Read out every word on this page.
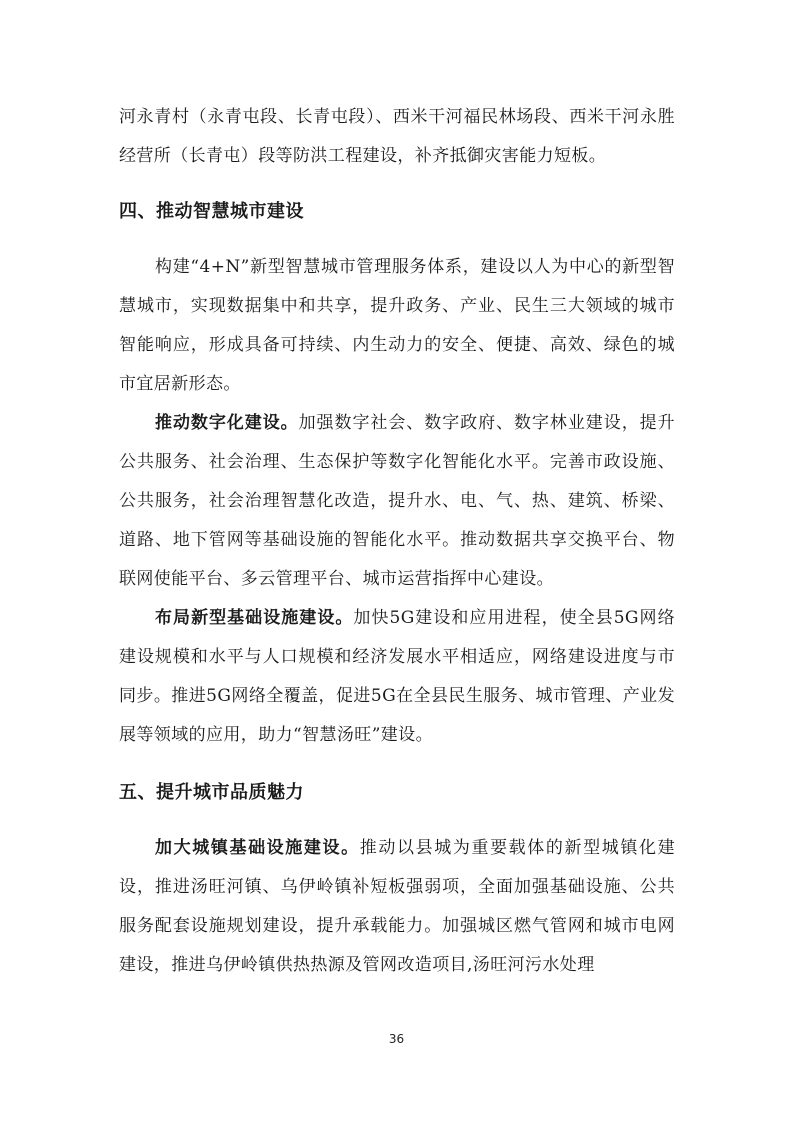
河永青村（永青屯段、长青屯段）、西米干河福民林场段、西米干河永胜经营所（长青屯）段等防洪工程建设，补齐抵御灾害能力短板。

四、推动智慧城市建设

构建“4+N”新型智慧城市管理服务体系，建设以人为中心的新型智慧城市，实现数据集中和共享，提升政务、产业、民生三大领域的城市智能响应，形成具备可持续、内生动力的安全、便捷、高效、绿色的城市宜居新形态。

推动数字化建设。加强数字社会、数字政府、数字林业建设，提升公共服务、社会治理、生态保护等数字化智能化水平。完善市政设施、公共服务，社会治理智慧化改造，提升水、电、气、热、建筑、桥梁、道路、地下管网等基础设施的智能化水平。推动数据共享交换平台、物联网使能平台、多云管理平台、城市运营指挥中心建设。

布局新型基础设施建设。加快5G建设和应用进程，使全县5G网络建设规模和水平与人口规模和经济发展水平相适应，网络建设进度与市同步。推进5G网络全覆盖，促进5G在全县民生服务、城市管理、产业发展等领域的应用，助力“智慧汤旺”建设。

五、提升城市品质魅力

加大城镇基础设施建设。推动以县城为重要载体的新型城镇化建设，推进汤旺河镇、乌伊岭镇补短板强弱项，全面加强基础设施、公共服务配套设施规划建设，提升承载能力。加强城区燃气管网和城市电网建设，推进乌伊岭镇供热热源及管网改造项目,汤旺河污水处理

36
